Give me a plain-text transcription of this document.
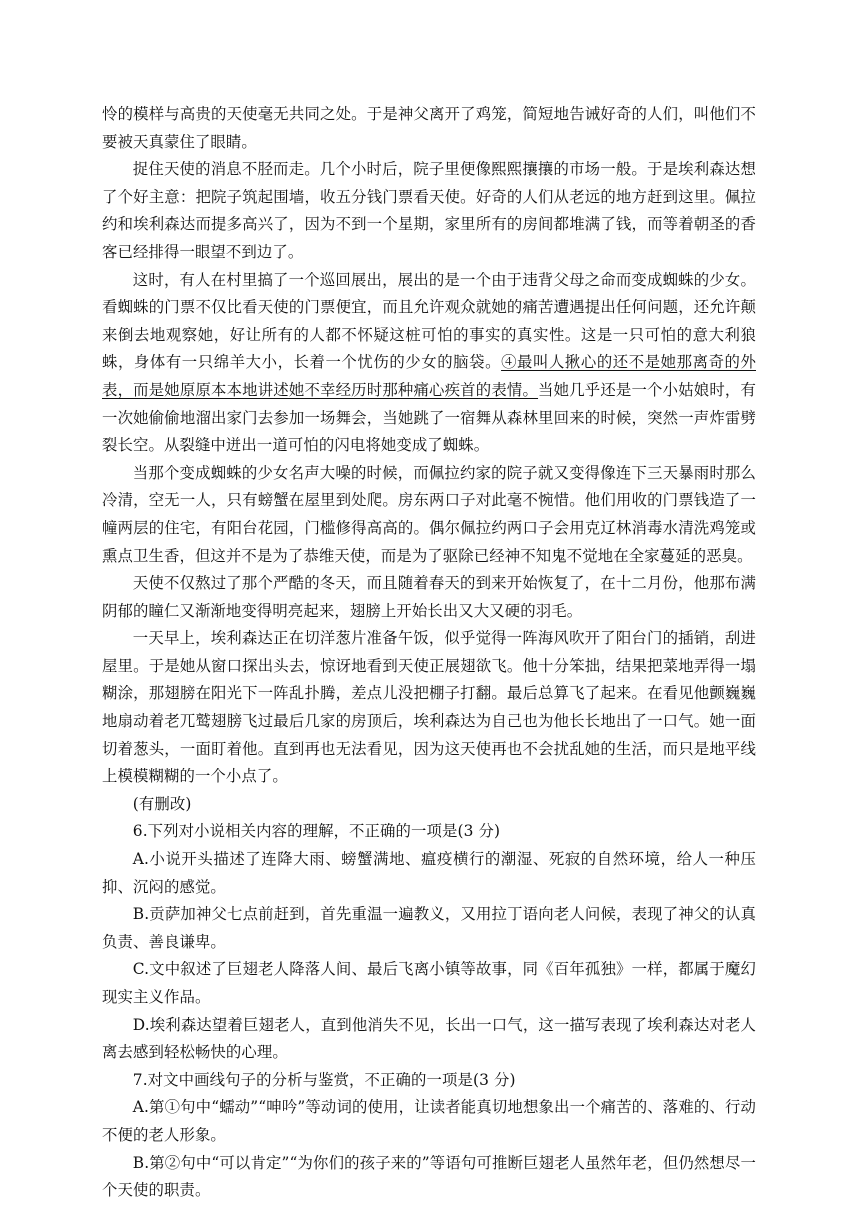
怜的模样与高贵的天使毫无共同之处。于是神父离开了鸡笼，简短地告诫好奇的人们，叫他们不要被天真蒙住了眼睛。

捉住天使的消息不胫而走。几个小时后，院子里便像熙熙攘攘的市场一般。于是埃利森达想了个好主意：把院子筑起围墙，收五分钱门票看天使。好奇的人们从老远的地方赶到这里。佩拉约和埃利森达而提多高兴了，因为不到一个星期，家里所有的房间都堆满了钱，而等着朝圣的香客已经排得一眼望不到边了。

这时，有人在村里搞了一个巡回展出，展出的是一个由于违背父母之命而变成蜘蛛的少女。看蜘蛛的门票不仅比看天使的门票便宜，而且允许观众就她的痛苦遭遇提出任何问题，还允许颠来倒去地观察她，好让所有的人都不怀疑这桩可怕的事实的真实性。这是一只可怕的意大利狼蛛，身体有一只绵羊大小，长着一个忧伤的少女的脑袋。④最叫人揪心的还不是她那离奇的外表，而是她原原本本地讲述她不幸经历时那种痛心疾首的表情。当她几乎还是一个小姑娘时，有一次她偷偷地溜出家门去参加一场舞会，当她跳了一宿舞从森林里回来的时候，突然一声炸雷劈裂长空。从裂缝中迸出一道可怕的闪电将她变成了蜘蛛。

当那个变成蜘蛛的少女名声大噪的时候，而佩拉约家的院子就又变得像连下三天暴雨时那么冷清，空无一人，只有螃蟹在屋里到处爬。房东两口子对此毫不惋惜。他们用收的门票钱造了一幢两层的住宅，有阳台花园，门槛修得高高的。偶尔佩拉约两口子会用克辽林消毒水清洗鸡笼或熏点卫生香，但这并不是为了恭维天使，而是为了驱除已经神不知鬼不觉地在全家蔓延的恶臭。

天使不仅熬过了那个严酷的冬天，而且随着春天的到来开始恢复了，在十二月份，他那布满阴郁的瞳仁又渐渐地变得明亮起来，翅膀上开始长出又大又硬的羽毛。

一天早上，埃利森达正在切洋葱片准备午饭，似乎觉得一阵海风吹开了阳台门的插销，刮进屋里。于是她从窗口探出头去，惊讶地看到天使正展翅欲飞。他十分笨拙，结果把菜地弄得一塌糊涂，那翅膀在阳光下一阵乱扑腾，差点儿没把棚子打翻。最后总算飞了起来。在看见他颤巍巍地扇动着老兀鹫翅膀飞过最后几家的房顶后，埃利森达为自己也为他长长地出了一口气。她一面切着葱头，一面盯着他。直到再也无法看见，因为这天使再也不会扰乱她的生活，而只是地平线上模模糊糊的一个小点了。

(有删改)

6.下列对小说相关内容的理解，不正确的一项是(3 分)

A.小说开头描述了连降大雨、螃蟹满地、瘟疫横行的潮湿、死寂的自然环境，给人一种压抑、沉闷的感觉。

B.贡萨加神父七点前赶到，首先重温一遍教义，又用拉丁语向老人问候，表现了神父的认真负责、善良谦卑。

C.文中叙述了巨翅老人降落人间、最后飞离小镇等故事，同《百年孤独》一样，都属于魔幻现实主义作品。

D.埃利森达望着巨翅老人，直到他消失不见，长出一口气，这一描写表现了埃利森达对老人离去感到轻松畅快的心理。

7.对文中画线句子的分析与鉴赏，不正确的一项是(3 分)

A.第①句中“蠕动”“呻吟”等动词的使用，让读者能真切地想象出一个痛苦的、落难的、行动不便的老人形象。

B.第②句中“可以肯定”“为你们的孩子来的”等语句可推断巨翅老人虽然年老，但仍然想尽一个天使的职责。
